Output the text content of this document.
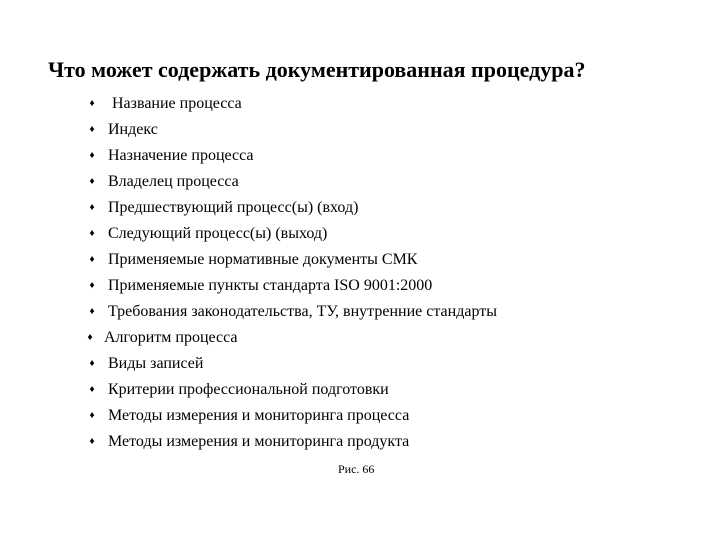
Что может содержать документированная процедура?
♦ Название процесса
♦ Индекс
♦ Назначение процесса
♦ Владелец процесса
♦ Предшествующий процесс(ы) (вход)
♦ Следующий процесс(ы) (выход)
♦ Применяемые нормативные документы СМК
♦ Применяемые пункты стандарта ISO 9001:2000
♦ Требования законодательства, ТУ, внутренние стандарты
♦ Алгоритм процесса
♦ Виды записей
♦ Критерии профессиональной подготовки
♦ Методы измерения и мониторинга процесса
♦ Методы измерения и мониторинга продукта
Рис. 66
